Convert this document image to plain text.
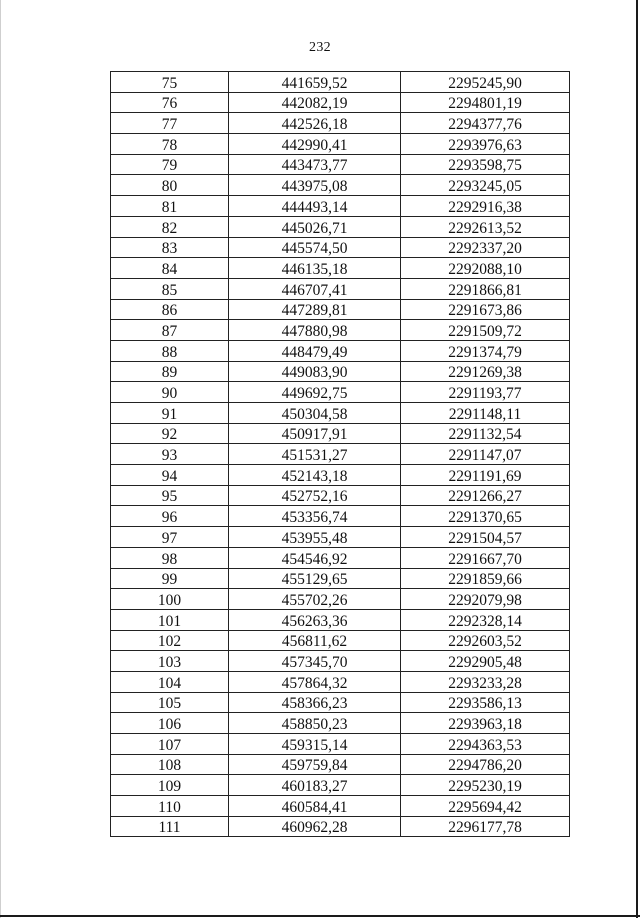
232
75	441659,52	2295245,90
76	442082,19	2294801,19
77	442526,18	2294377,76
78	442990,41	2293976,63
79	443473,77	2293598,75
80	443975,08	2293245,05
81	444493,14	2292916,38
82	445026,71	2292613,52
83	445574,50	2292337,20
84	446135,18	2292088,10
85	446707,41	2291866,81
86	447289,81	2291673,86
87	447880,98	2291509,72
88	448479,49	2291374,79
89	449083,90	2291269,38
90	449692,75	2291193,77
91	450304,58	2291148,11
92	450917,91	2291132,54
93	451531,27	2291147,07
94	452143,18	2291191,69
95	452752,16	2291266,27
96	453356,74	2291370,65
97	453955,48	2291504,57
98	454546,92	2291667,70
99	455129,65	2291859,66
100	455702,26	2292079,98
101	456263,36	2292328,14
102	456811,62	2292603,52
103	457345,70	2292905,48
104	457864,32	2293233,28
105	458366,23	2293586,13
106	458850,23	2293963,18
107	459315,14	2294363,53
108	459759,84	2294786,20
109	460183,27	2295230,19
110	460584,41	2295694,42
111	460962,28	2296177,78
